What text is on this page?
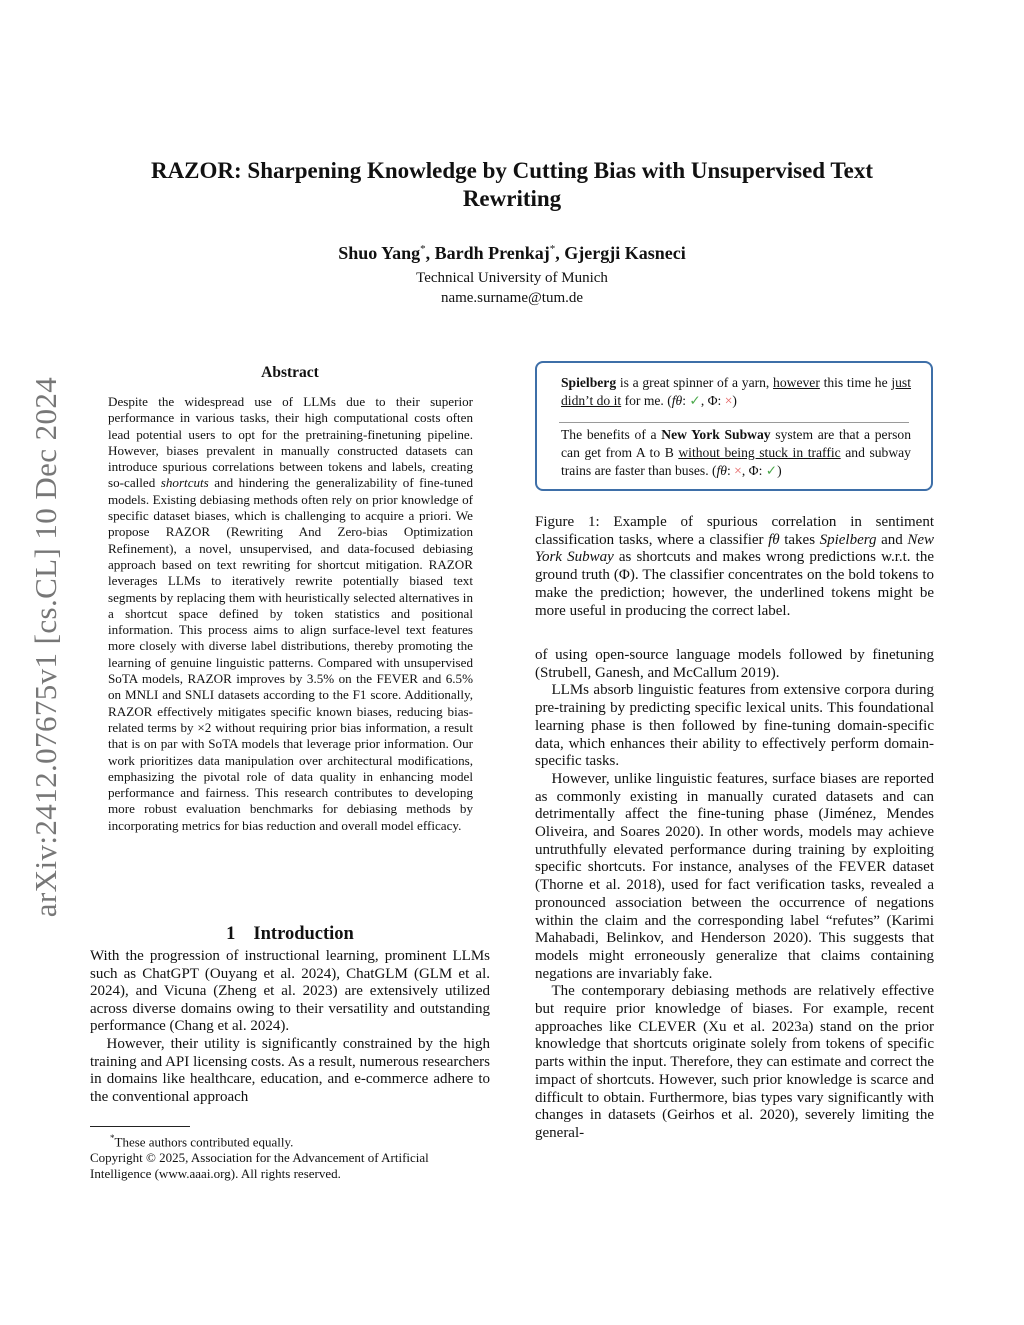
arXiv:2412.07675v1 [cs.CL] 10 Dec 2024
RAZOR: Sharpening Knowledge by Cutting Bias with Unsupervised Text Rewriting
Shuo Yang*, Bardh Prenkaj*, Gjergji Kasneci
Technical University of Munich
name.surname@tum.de
Abstract

Despite the widespread use of LLMs due to their superior performance in various tasks, their high computational costs often lead potential users to opt for the pretraining-finetuning pipeline. However, biases prevalent in manually constructed datasets can introduce spurious correlations between tokens and labels, creating so-called shortcuts and hindering the generalizability of fine-tuned models. Existing debiasing methods often rely on prior knowledge of specific dataset biases, which is challenging to acquire a priori. We propose RAZOR (Rewriting And Zero-bias Optimization Refinement), a novel, unsupervised, and data-focused debiasing approach based on text rewriting for shortcut mitigation. RAZOR leverages LLMs to iteratively rewrite potentially biased text segments by replacing them with heuristically selected alternatives in a shortcut space defined by token statistics and positional information. This process aims to align surface-level text features more closely with diverse label distributions, thereby promoting the learning of genuine linguistic patterns. Compared with unsupervised SoTA models, RAZOR improves by 3.5% on the FEVER and 6.5% on MNLI and SNLI datasets according to the F1 score. Additionally, RAZOR effectively mitigates specific known biases, reducing bias-related terms by ×2 without requiring prior bias information, a result that is on par with SoTA models that leverage prior information. Our work prioritizes data manipulation over architectural modifications, emphasizing the pivotal role of data quality in enhancing model performance and fairness. This research contributes to developing more robust evaluation benchmarks for debiasing methods by incorporating metrics for bias reduction and overall model efficacy.

1 Introduction

With the progression of instructional learning, prominent LLMs such as ChatGPT (Ouyang et al. 2024), ChatGLM (GLM et al. 2024), and Vicuna (Zheng et al. 2023) are extensively utilized across diverse domains owing to their versatility and outstanding performance (Chang et al. 2024).

However, their utility is significantly constrained by the high training and API licensing costs. As a result, numerous researchers in domains like healthcare, education, and e-commerce adhere to the conventional approach

*These authors contributed equally.

Copyright © 2025, Association for the Advancement of Artificial Intelligence (www.aaai.org). All rights reserved.

Spielberg is a great spinner of a yarn, however this time he just didn’t do it for me. (fθ: ✓, Φ: ×)
The benefits of a New York Subway system are that a person can get from A to B without being stuck in traffic and subway trains are faster than buses. (fθ: ×, Φ: ✓)

Figure 1: Example of spurious correlation in sentiment classification tasks, where a classifier fθ takes Spielberg and New York Subway as shortcuts and makes wrong predictions w.r.t. the ground truth (Φ). The classifier concentrates on the bold tokens to make the prediction; however, the underlined tokens might be more useful in producing the correct label.

of using open-source language models followed by finetuning (Strubell, Ganesh, and McCallum 2019).

LLMs absorb linguistic features from extensive corpora during pre-training by predicting specific lexical units. This foundational learning phase is then followed by fine-tuning domain-specific data, which enhances their ability to effectively perform domain-specific tasks.

However, unlike linguistic features, surface biases are reported as commonly existing in manually curated datasets and can detrimentally affect the fine-tuning phase (Jiménez, Mendes Oliveira, and Soares 2020). In other words, models may achieve untruthfully elevated performance during training by exploiting specific shortcuts. For instance, analyses of the FEVER dataset (Thorne et al. 2018), used for fact verification tasks, revealed a pronounced association between the occurrence of negations within the claim and the corresponding label “refutes” (Karimi Mahabadi, Belinkov, and Henderson 2020). This suggests that models might erroneously generalize that claims containing negations are invariably fake.

The contemporary debiasing methods are relatively effective but require prior knowledge of biases. For example, recent approaches like CLEVER (Xu et al. 2023a) stand on the prior knowledge that shortcuts originate solely from tokens of specific parts within the input. Therefore, they can estimate and correct the impact of shortcuts. However, such prior knowledge is scarce and difficult to obtain. Furthermore, bias types vary significantly with changes in datasets (Geirhos et al. 2020), severely limiting the general-
